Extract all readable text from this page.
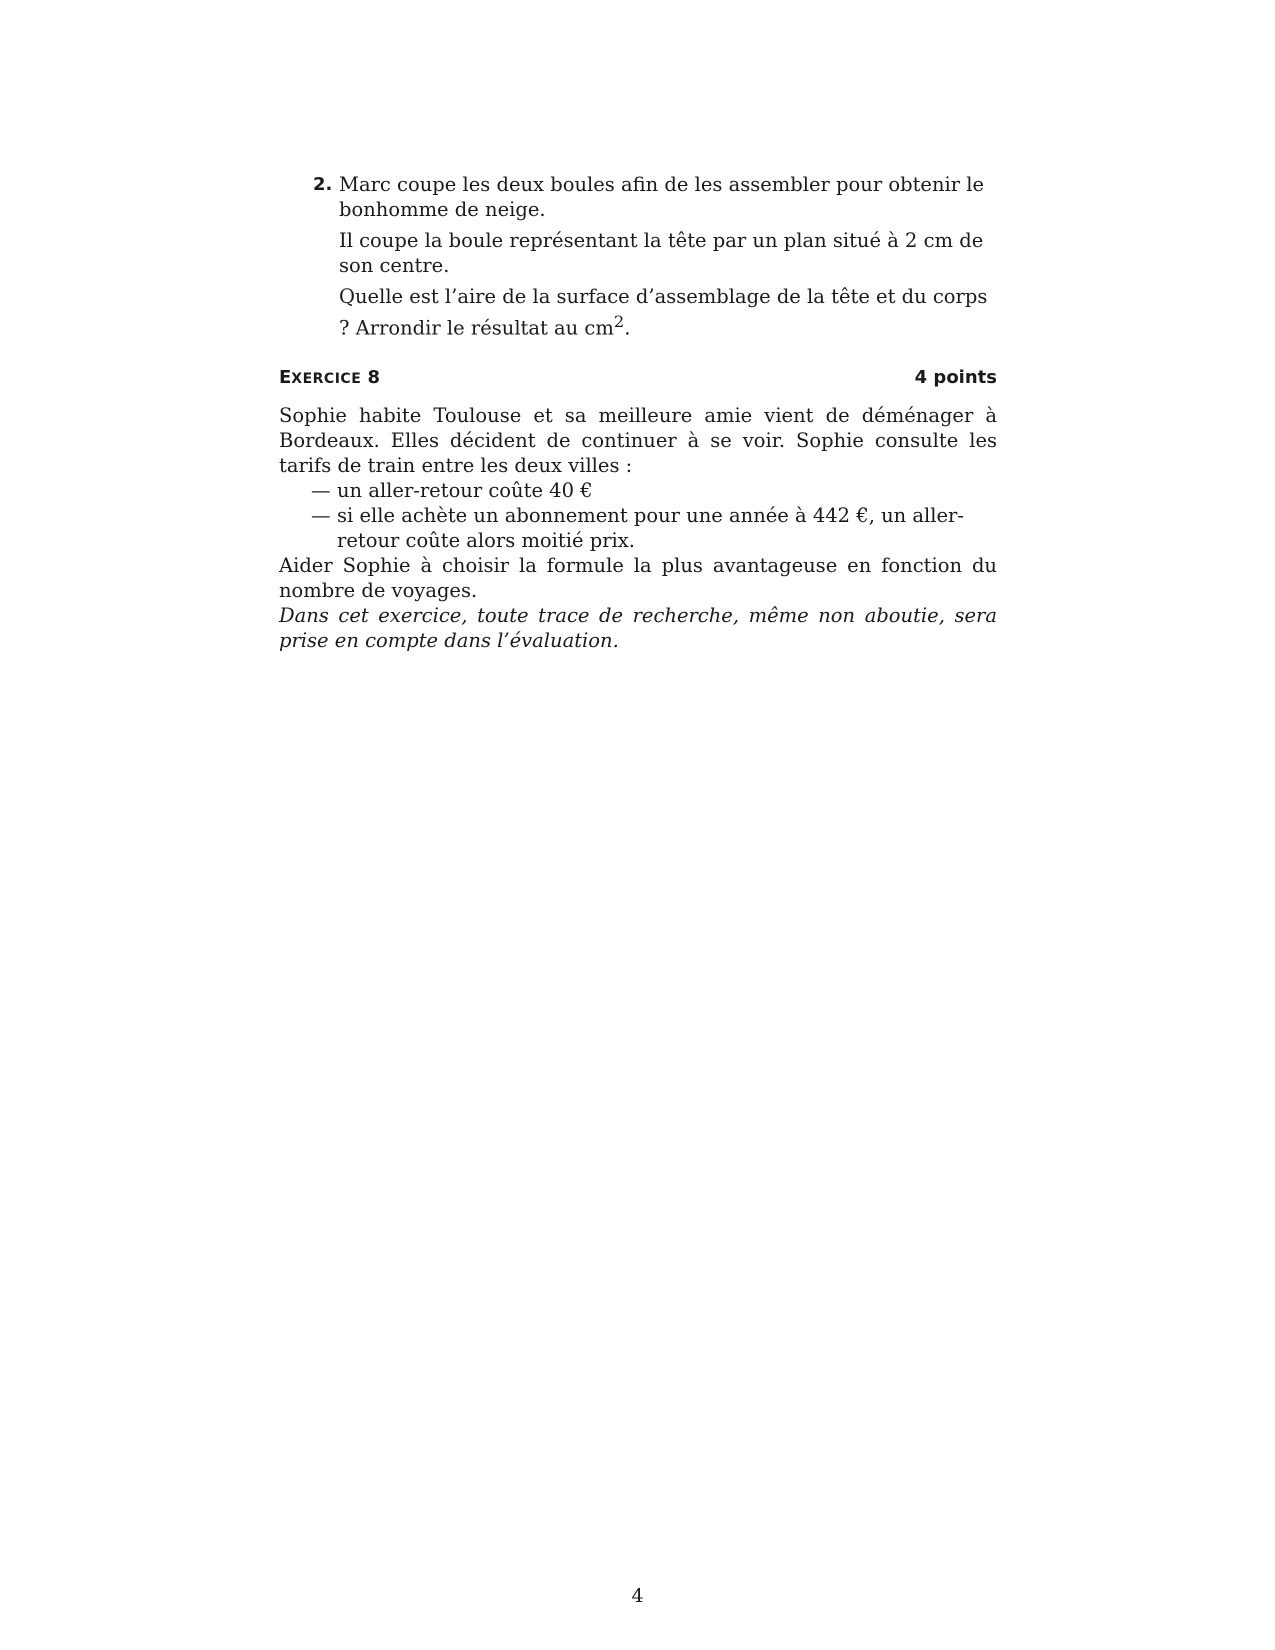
2. Marc coupe les deux boules afin de les assembler pour obtenir le bonhomme de neige.

Il coupe la boule représentant la tête par un plan situé à 2 cm de son centre.

Quelle est l’aire de la surface d’assemblage de la tête et du corps ? Arrondir le résultat au $cm^2$.

EXERCICE 8	4 points

Sophie habite Toulouse et sa meilleure amie vient de déménager à Bordeaux. Elles décident de continuer à se voir. Sophie consulte les tarifs de train entre les deux villes :

— un aller-retour coûte 40 €
— si elle achète un abonnement pour une année à 442 €, un aller-retour coûte alors moitié prix.

Aider Sophie à choisir la formule la plus avantageuse en fonction du nombre de voyages.

Dans cet exercice, toute trace de recherche, même non aboutie, sera prise en compte dans l’évaluation.

4
